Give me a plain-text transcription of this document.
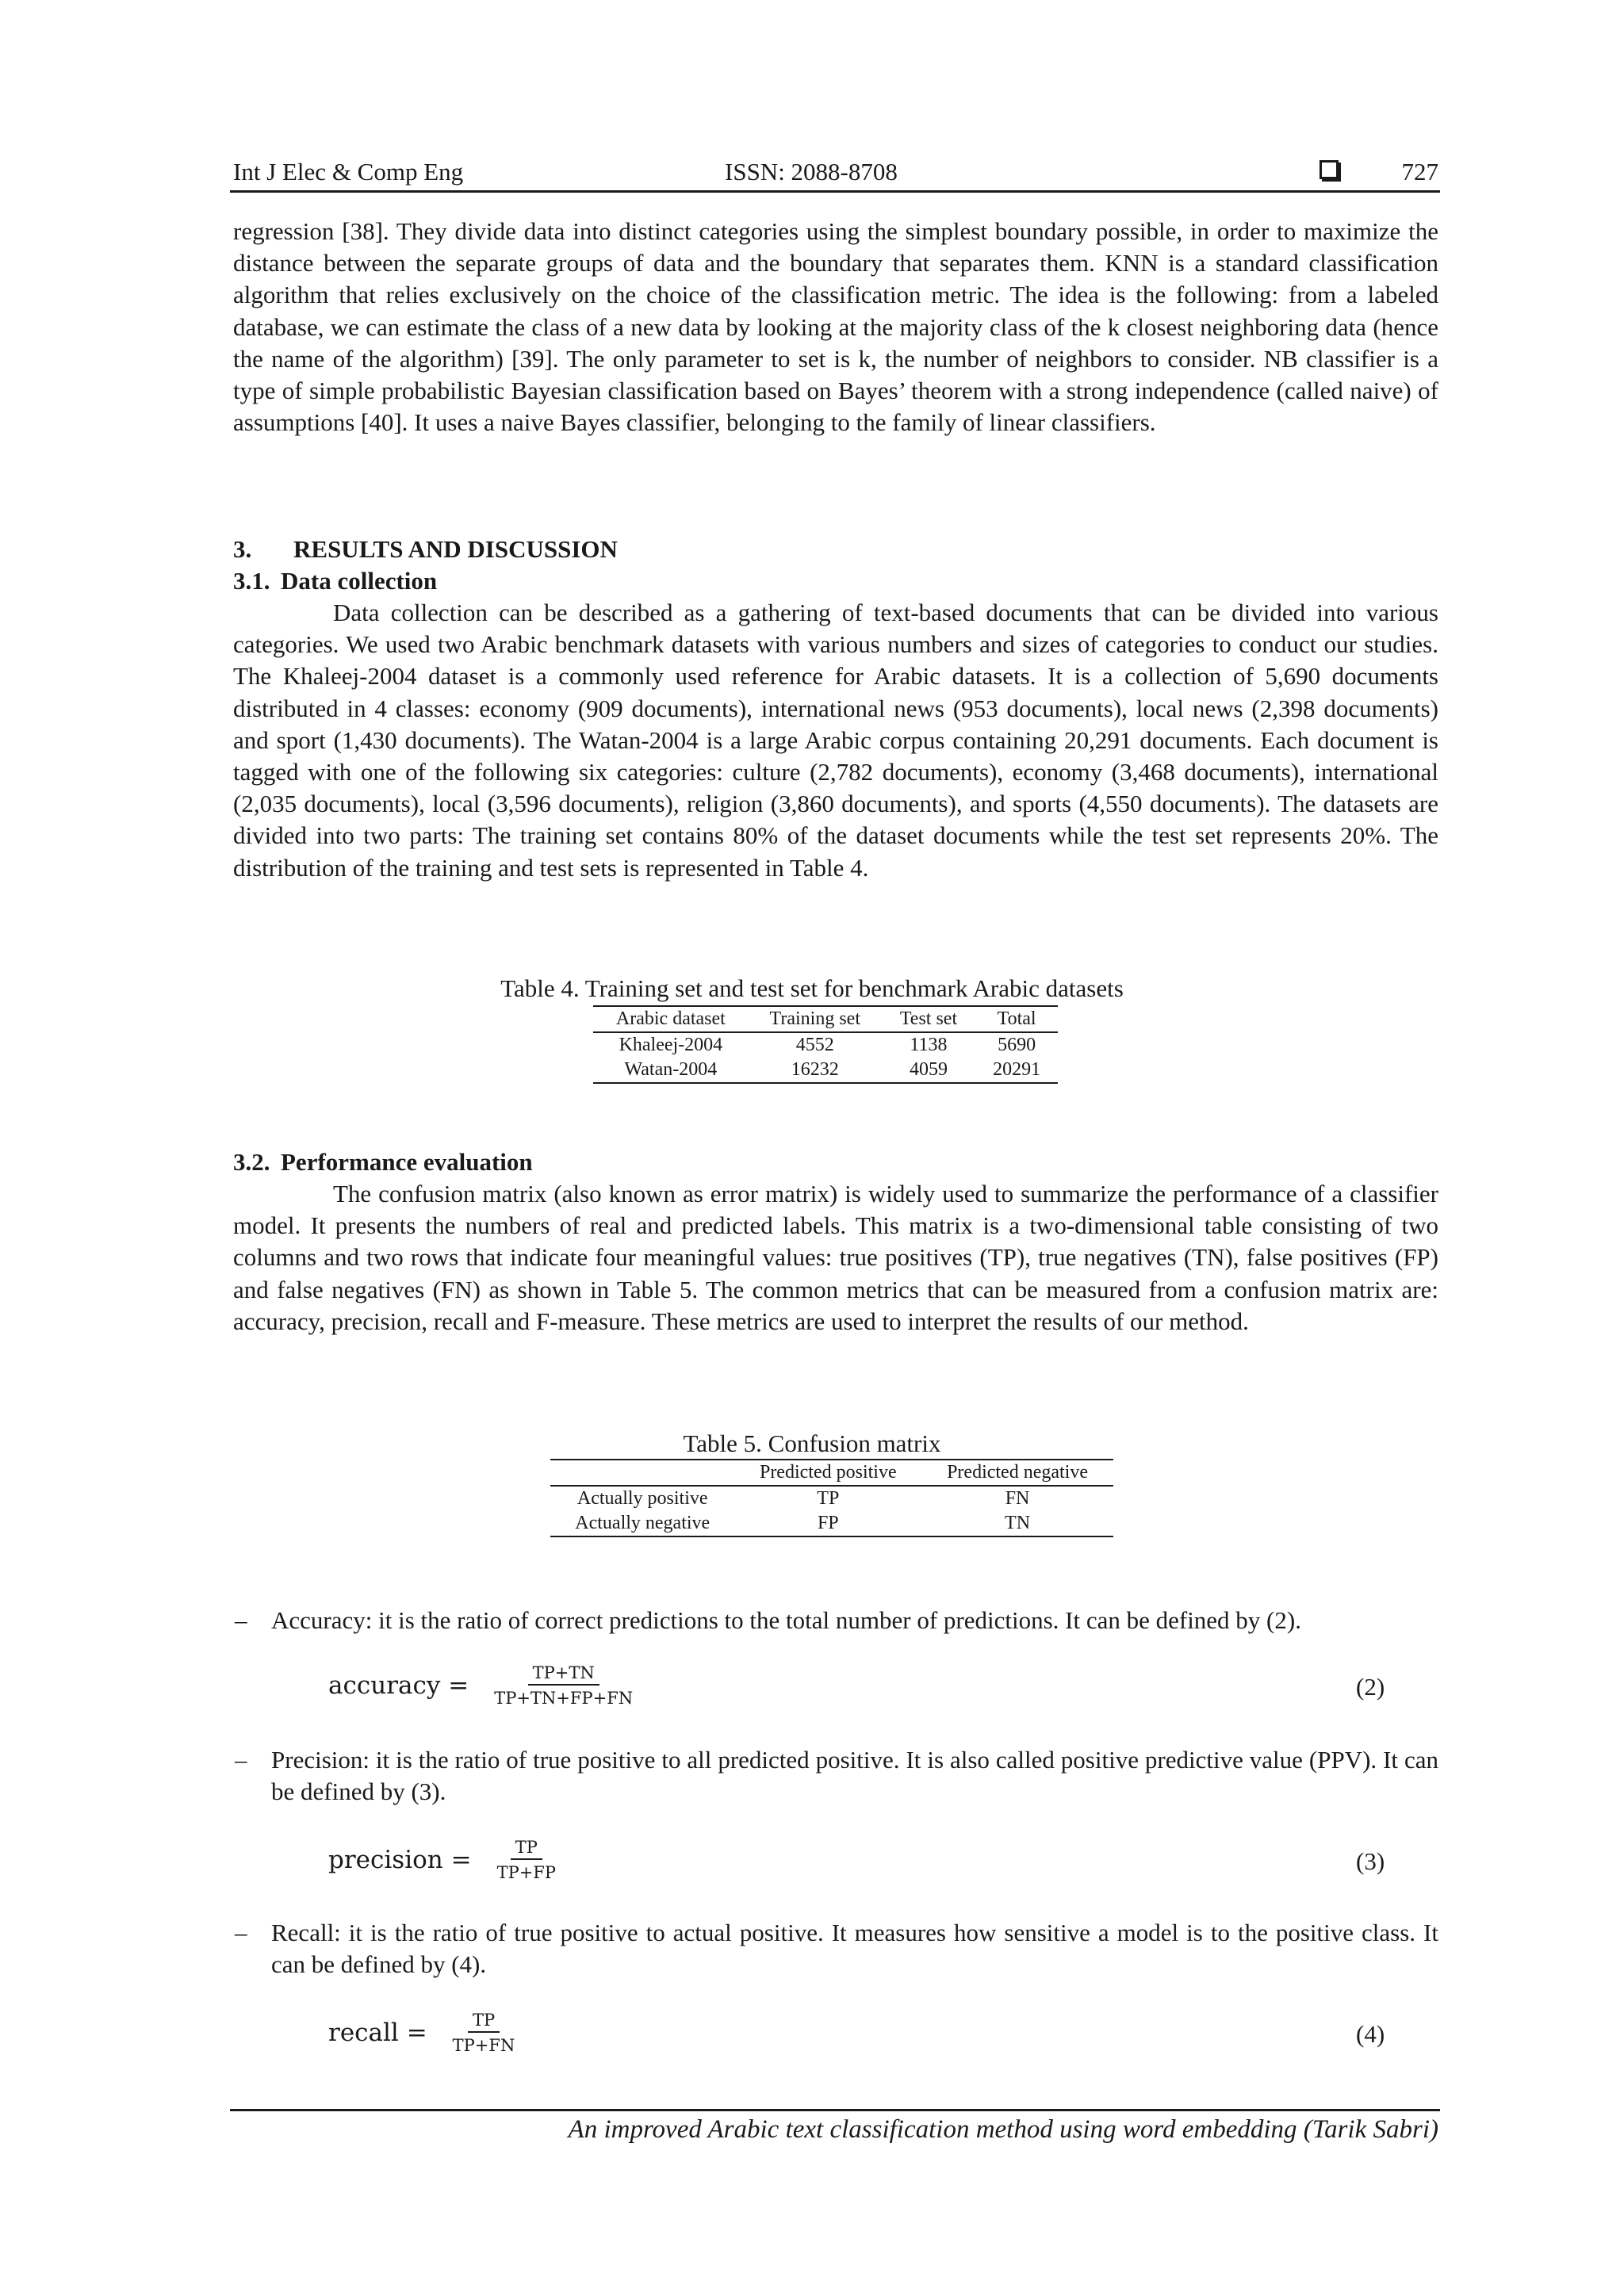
Int J Elec & Comp Eng	ISSN: 2088-8708	727

regression [38]. They divide data into distinct categories using the simplest boundary possible, in order to maximize the distance between the separate groups of data and the boundary that separates them. KNN is a standard classification algorithm that relies exclusively on the choice of the classification metric. The idea is the following: from a labeled database, we can estimate the class of a new data by looking at the majority class of the k closest neighboring data (hence the name of the algorithm) [39]. The only parameter to set is k, the number of neighbors to consider. NB classifier is a type of simple probabilistic Bayesian classification based on Bayes’ theorem with a strong independence (called naive) of assumptions [40]. It uses a naive Bayes classifier, belonging to the family of linear classifiers.

3. RESULTS AND DISCUSSION
3.1. Data collection

Data collection can be described as a gathering of text-based documents that can be divided into various categories. We used two Arabic benchmark datasets with various numbers and sizes of categories to conduct our studies. The Khaleej-2004 dataset is a commonly used reference for Arabic datasets. It is a collection of 5,690 documents distributed in 4 classes: economy (909 documents), international news (953 documents), local news (2,398 documents) and sport (1,430 documents). The Watan-2004 is a large Arabic corpus containing 20,291 documents. Each document is tagged with one of the following six categories: culture (2,782 documents), economy (3,468 documents), international (2,035 documents), local (3,596 documents), religion (3,860 documents), and sports (4,550 documents). The datasets are divided into two parts: The training set contains 80% of the dataset documents while the test set represents 20%. The distribution of the training and test sets is represented in Table 4.

Table 4. Training set and test set for benchmark Arabic datasets
Arabic dataset	Training set	Test set	Total
Khaleej-2004	4552	1138	5690
Watan-2004	16232	4059	20291
3.2. Performance evaluation

The confusion matrix (also known as error matrix) is widely used to summarize the performance of a classifier model. It presents the numbers of real and predicted labels. This matrix is a two-dimensional table consisting of two columns and two rows that indicate four meaningful values: true positives (TP), true negatives (TN), false positives (FP) and false negatives (FN) as shown in Table 5. The common metrics that can be measured from a confusion matrix are: accuracy, precision, recall and F-measure. These metrics are used to interpret the results of our method.

Table 5. Confusion matrix
	Predicted positive	Predicted negative
Actually positive	TP	FN
Actually negative	FP	TN
– Accuracy: it is the ratio of correct predictions to the total number of predictions. It can be defined by (2).

accuracy = $\frac{TP+TN}{TP+TN+FP+FN}$	(2)
– Precision: it is the ratio of true positive to all predicted positive. It is also called positive predictive value (PPV). It can be defined by (3).

precision = $\frac{TP}{TP+FP}$	(3)
– Recall: it is the ratio of true positive to actual positive. It measures how sensitive a model is to the positive class. It can be defined by (4).

recall = $\frac{TP}{TP+FN}$	(4)
An improved Arabic text classification method using word embedding (Tarik Sabri)
